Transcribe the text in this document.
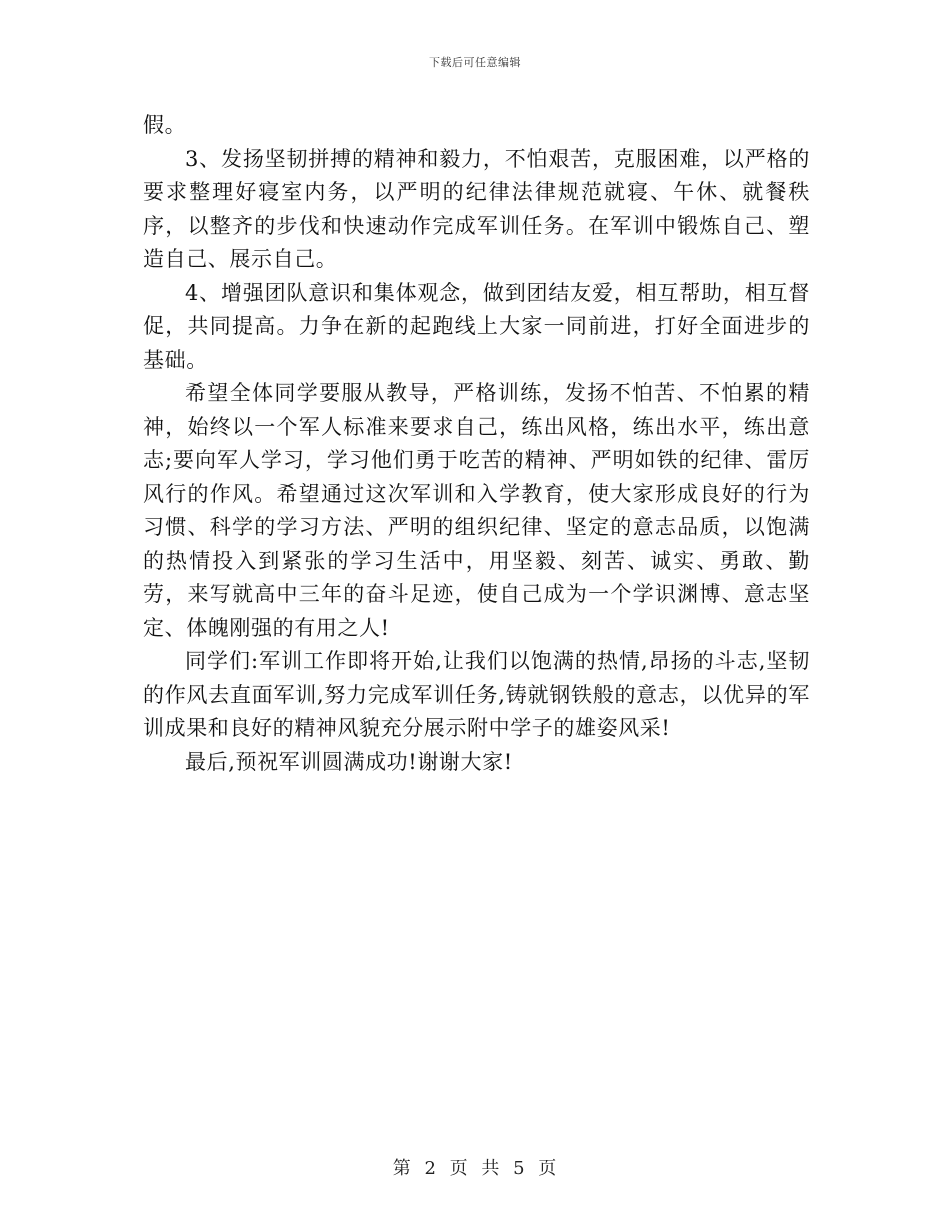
下载后可任意编辑

假。

3、发扬坚韧拼搏的精神和毅力，不怕艰苦，克服困难，以严格的要求整理好寝室内务，以严明的纪律法律规范就寝、午休、就餐秩序，以整齐的步伐和快速动作完成军训任务。在军训中锻炼自己、塑造自己、展示自己。

4、增强团队意识和集体观念，做到团结友爱，相互帮助，相互督促，共同提高。力争在新的起跑线上大家一同前进，打好全面进步的基础。

希望全体同学要服从教导，严格训练，发扬不怕苦、不怕累的精神，始终以一个军人标准来要求自己，练出风格，练出水平，练出意志;要向军人学习，学习他们勇于吃苦的精神、严明如铁的纪律、雷厉风行的作风。希望通过这次军训和入学教育，使大家形成良好的行为习惯、科学的学习方法、严明的组织纪律、坚定的意志品质，以饱满的热情投入到紧张的学习生活中，用坚毅、刻苦、诚实、勇敢、勤劳，来写就高中三年的奋斗足迹，使自己成为一个学识渊博、意志坚定、体魄刚强的有用之人!

同学们:军训工作即将开始,让我们以饱满的热情,昂扬的斗志,坚韧的作风去直面军训,努力完成军训任务,铸就钢铁般的意志，以优异的军训成果和良好的精神风貌充分展示附中学子的雄姿风采!

最后,预祝军训圆满成功!谢谢大家!

第 2 页 共 5 页
